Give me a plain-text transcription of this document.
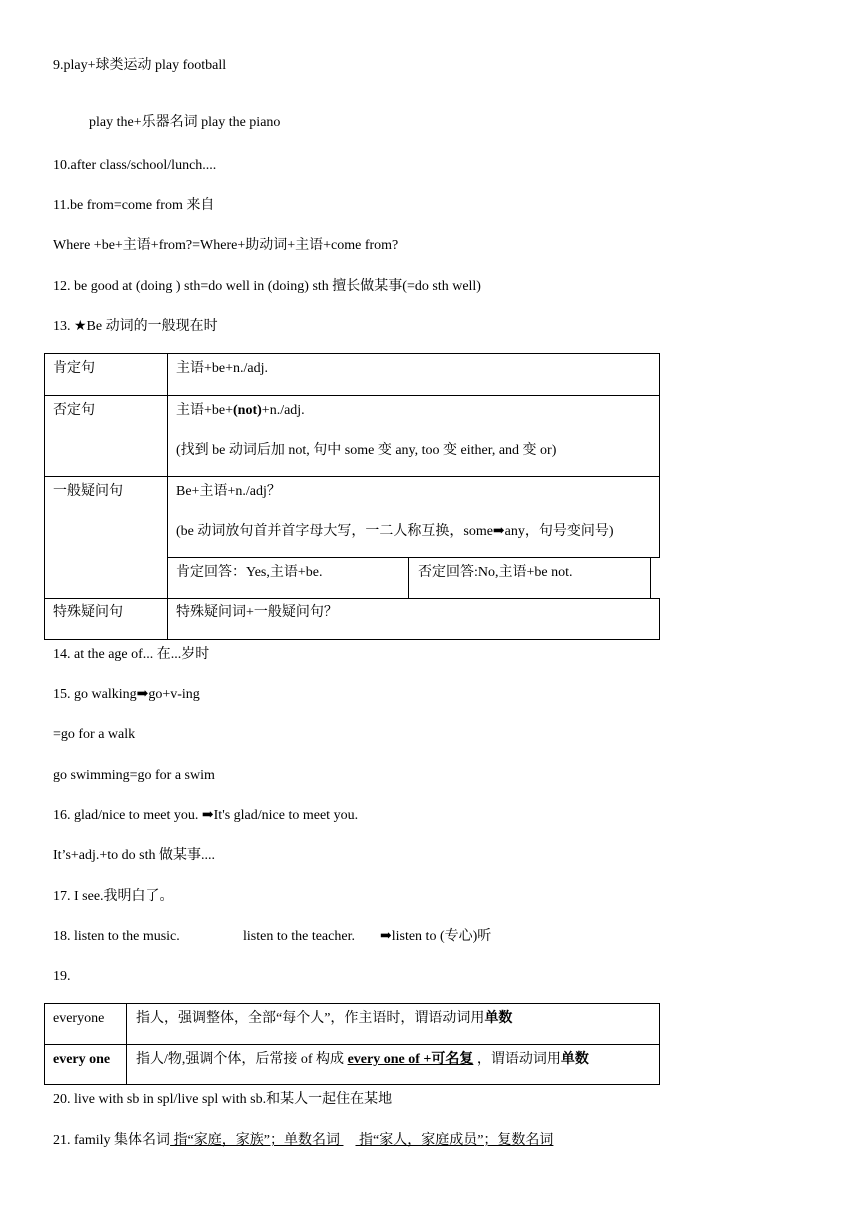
9.play+球类运动 play football
play the+乐器名词 play the piano
10.after class/school/lunch....
11.be from=come from 来自
Where +be+主语+from?=Where+助动词+主语+come from?
12. be good at (doing ) sth=do well in (doing) sth 擅长做某事(=do sth well)
13. ★Be 动词的一般现在时
肯定句	主语+be+n./adj.
否定句	主语+be+(not)+n./adj.
(找到 be 动词后加 not, 句中 some 变 any, too 变 either, and 变 or)
一般疑问句	Be+主语+n./adj？
(be 动词放句首并首字母大写，一二人称互换，some➡any，句号变问号)
肯定回答：Yes,主语+be.	否定回答:No,主语+be not.
特殊疑问句	特殊疑问词+一般疑问句？
14. at the age of... 在...岁时
15. go walking➡go+v-ing
=go for a walk
go swimming=go for a swim
16. glad/nice to meet you. ➡It's glad/nice to meet you.
It’s+adj.+to do sth 做某事....
17. I see.我明白了。
18. listen to the music.	listen to the teacher. ➡listen to (专心)听
19.
everyone 指人，强调整体，全部“每个人”，作主语时，谓语动词用单数
every one 指人/物,强调个体，后常接 of 构成 every one of +可名复 ，谓语动词用单数
20. live with sb in spl/live spl with sb.和某人一起住在某地
21. family 集体名词 指“家庭，家族”；单数名词  指“家人，家庭成员”；复数名词
